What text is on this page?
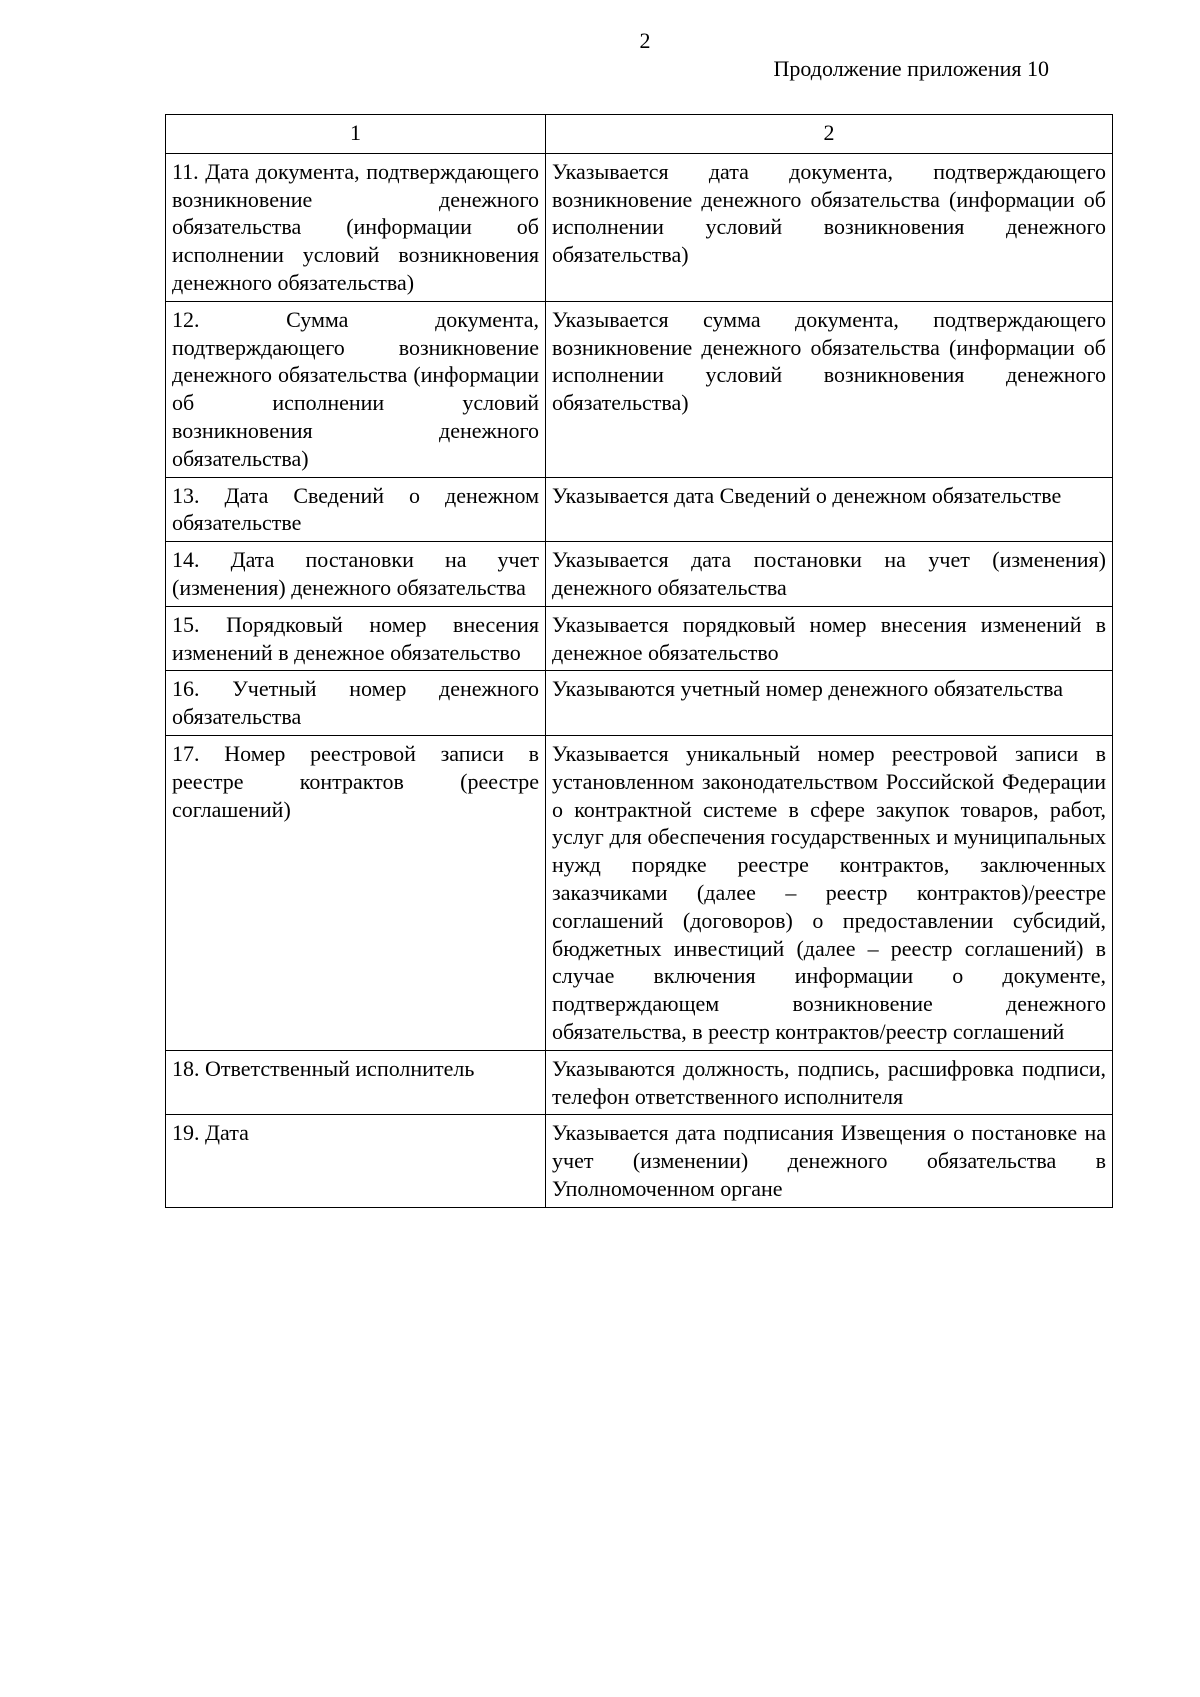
2
Продолжение приложения 10
1	2
11. Дата документа, подтверждающего возникновение денежного обязательства (информации об исполнении условий возникновения денежного обязательства)	Указывается дата документа, подтверждающего возникновение денежного обязательства (информации об исполнении условий возникновения денежного обязательства)
12. Сумма документа, подтверждающего возникновение денежного обязательства (информации об исполнении условий возникновения денежного обязательства)	Указывается сумма документа, подтверждающего возникновение денежного обязательства (информации об исполнении условий возникновения денежного обязательства)
13. Дата Сведений о денежном обязательстве	Указывается дата Сведений о денежном обязательстве
14. Дата постановки на учет (изменения) денежного обязательства	Указывается дата постановки на учет (изменения) денежного обязательства
15. Порядковый номер внесения изменений в денежное обязательство	Указывается порядковый номер внесения изменений в денежное обязательство
16. Учетный номер денежного обязательства	Указываются учетный номер денежного обязательства
17. Номер реестровой записи в реестре контрактов (реестре соглашений)	Указывается уникальный номер реестровой записи в установленном законодательством Российской Федерации о контрактной системе в сфере закупок товаров, работ, услуг для обеспечения государственных и муниципальных нужд порядке реестре контрактов, заключенных заказчиками (далее – реестр контрактов)/реестре соглашений (договоров) о предоставлении субсидий, бюджетных инвестиций (далее – реестр соглашений) в случае включения информации о документе, подтверждающем возникновение денежного обязательства, в реестр контрактов/реестр соглашений
18. Ответственный исполнитель	Указываются должность, подпись, расшифровка подписи, телефон ответственного исполнителя
19. Дата	Указывается дата подписания Извещения о постановке на учет (изменении) денежного обязательства в Уполномоченном органе
